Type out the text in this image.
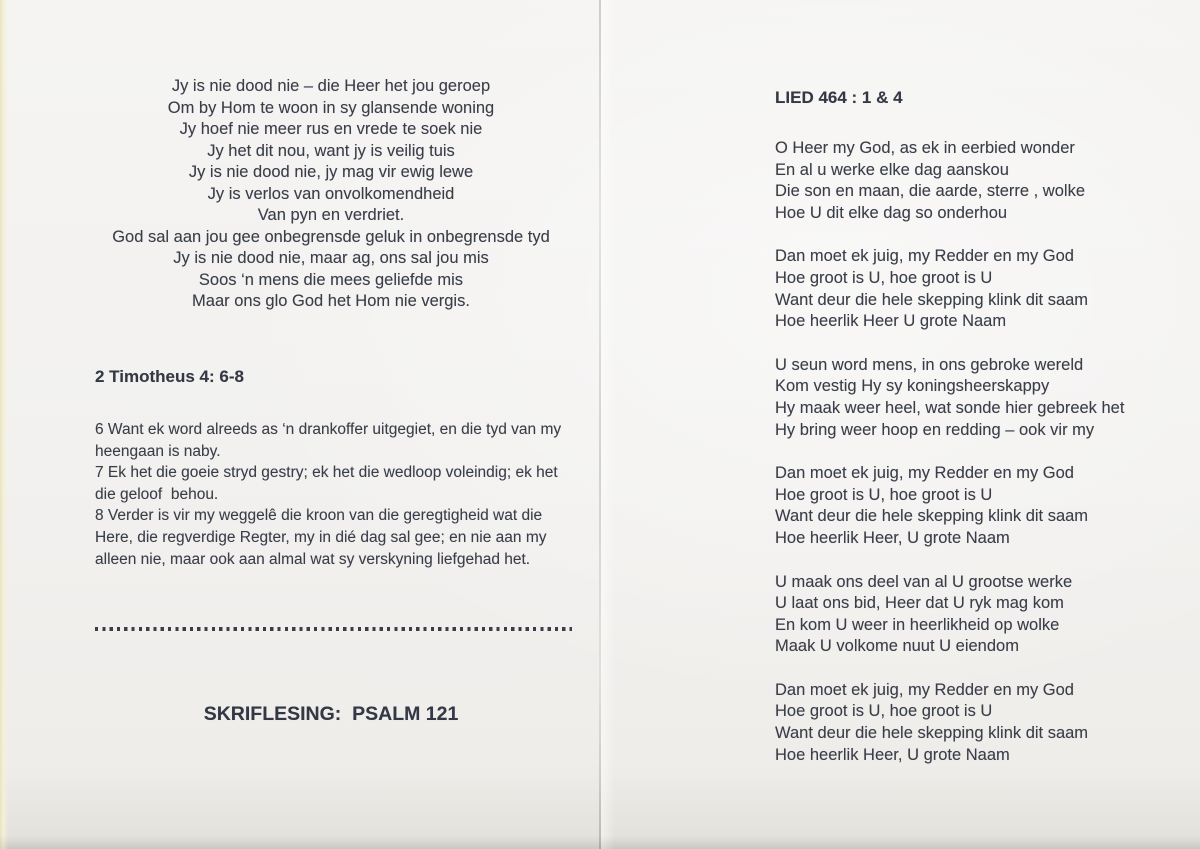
Jy is nie dood nie – die Heer het jou geroep
Om by Hom te woon in sy glansende woning
Jy hoef nie meer rus en vrede te soek nie
Jy het dit nou, want jy is veilig tuis
Jy is nie dood nie, jy mag vir ewig lewe
Jy is verlos van onvolkomendheid
Van pyn en verdriet.
God sal aan jou gee onbegrensde geluk in onbegrensde tyd
Jy is nie dood nie, maar ag, ons sal jou mis
Soos ‘n mens die mees geliefde mis
Maar ons glo God het Hom nie vergis.
2 Timotheus 4: 6-8
6 Want ek word alreeds as ‘n drankoffer uitgegiet, en die tyd van my
heengaan is naby.
7 Ek het die goeie stryd gestry; ek het die wedloop voleindig; ek het
die geloof  behou.
8 Verder is vir my weggelê die kroon van die geregtigheid wat die
Here, die regverdige Regter, my in dié dag sal gee; en nie aan my
alleen nie, maar ook aan almal wat sy verskyning liefgehad het.
SKRIFLESING:  PSALM 121
LIED 464 : 1 & 4
O Heer my God, as ek in eerbied wonder
En al u werke elke dag aanskou
Die son en maan, die aarde, sterre , wolke
Hoe U dit elke dag so onderhou
Dan moet ek juig, my Redder en my God
Hoe groot is U, hoe groot is U
Want deur die hele skepping klink dit saam
Hoe heerlik Heer U grote Naam
U seun word mens, in ons gebroke wereld
Kom vestig Hy sy koningsheerskappy
Hy maak weer heel, wat sonde hier gebreek het
Hy bring weer hoop en redding – ook vir my
Dan moet ek juig, my Redder en my God
Hoe groot is U, hoe groot is U
Want deur die hele skepping klink dit saam
Hoe heerlik Heer, U grote Naam
U maak ons deel van al U grootse werke
U laat ons bid, Heer dat U ryk mag kom
En kom U weer in heerlikheid op wolke
Maak U volkome nuut U eiendom
Dan moet ek juig, my Redder en my God
Hoe groot is U, hoe groot is U
Want deur die hele skepping klink dit saam
Hoe heerlik Heer, U grote Naam
